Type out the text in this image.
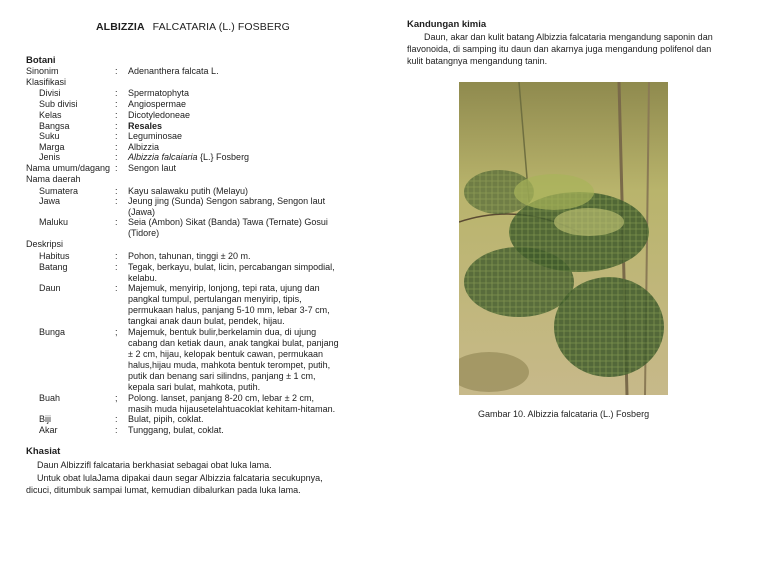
ALBIZZIA FALCATARIA (L.) FOSBERG
Botani
Sinonim	: Adenanthera falcata L.
Klasifikasi
Divisi	: Spermatophyta
Sub divisi	: Angiospermae
Kelas	: Dicotyledoneae
Bangsa	: Resales
Suku	: Leguminosae
Marga	: Albizzia
Jenis	: Albizzia falcaiaria {L.} Fosberg
Nama umum/dagang : Sengon laut
Nama daerah
Sumatera	: Kayu salawaku putih (Melayu)
Jawa	: Jeung jing (Sunda) Sengon sabrang, Sengon laut (Jawa)
Maluku	: Seia (Ambon) Sikat (Banda) Tawa (Ternate) Gosui (Tidore)
Deskripsi
Habitus	: Pohon, tahunan, tinggi ± 20 m.
Batang	: Tegak, berkayu, bulat, licin, percabangan simpodial, kelabu.
Daun	: Majemuk, menyirip, lonjong, tepi rata, ujung dan pangkal tumpul, pertulangan menyirip, tipis, permukaan halus, panjang 5-10 mm, lebar 3-7 cm, tangkai anak daun bulat, pendek, hijau.
Bunga	; Majemuk, bentuk bulir,berkelamin dua, di ujung cabang dan ketiak daun, anak tangkai bulat, panjang ± 2 cm, hijau, kelopak bentuk cawan, permukaan halus,hijau muda, mahkota bentuk terompet, putih, putik dan benang sari silindns, panjang ± 1 cm, kepala sari bulat, mahkota, putih.
Buah	; Polong. lanset, panjang 8-20 cm, lebar ± 2 cm, masih muda hijausetelahtuacoklat kehitam-hitaman.
Biji	: Bulat, pipih, coklat.
Akar	: Tunggang, bulat, coklat.
Khasiat
Daun Albizzifl falcataria berkhasiat sebagai obat luka lama.
Untuk obat lulaJama dipakai daun segar Albizzia falcataria secukupnya,
dicuci, ditumbuk sampai lumat, kemudian dibalurkan pada luka lama.
Kandungan kimia
Daun, akar dan kulit batang Albizzia falcataria mengandung saponin dan
flavonoida, di samping itu daun dan akarnya juga mengandung polifenol dan
kulit batangnya mengandung tanin.
Gambar 10. Albizzia falcataria (L.) Fosberg
